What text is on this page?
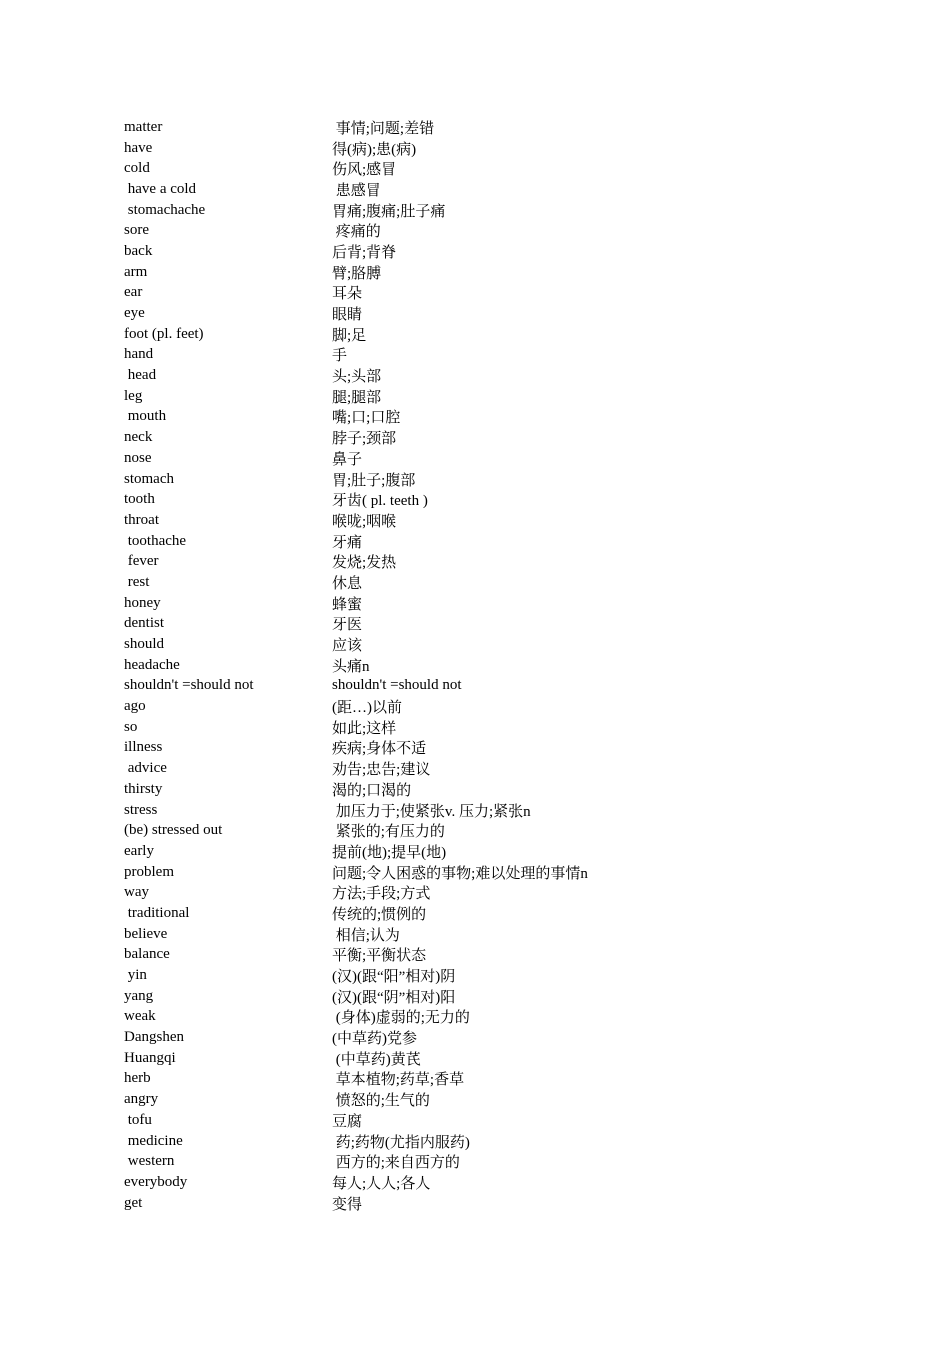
matter	事情;问题;差错
have	得(病);患(病)
cold	伤风;感冒
have a cold	患感冒
stomachache	胃痛;腹痛;肚子痛
sore	疼痛的
back	后背;背脊
arm	臂;胳膊
ear	耳朵
eye	眼睛
foot (pl. feet)	脚;足
hand	手
head	头;头部
leg	腿;腿部
mouth	嘴;口;口腔
neck	脖子;颈部
nose	鼻子
stomach	胃;肚子;腹部
tooth	牙齿( pl. teeth )
throat	喉咙;咽喉
toothache	牙痛
fever	发烧;发热
rest	休息
honey	蜂蜜
dentist	牙医
should	应该
headache	头痛n
shouldn't =should not	shouldn't =should not
ago	(距…)以前
so	如此;这样
illness	疾病;身体不适
advice	劝告;忠告;建议
thirsty	渴的;口渴的
stress	加压力于;使紧张v. 压力;紧张n
(be) stressed out	紧张的;有压力的
early	提前(地);提早(地)
problem	问题;令人困惑的事物;难以处理的事情n
way	方法;手段;方式
traditional	传统的;惯例的
believe	相信;认为
balance	平衡;平衡状态
yin	(汉)(跟“阳”相对)阴
yang	(汉)(跟“阴”相对)阳
weak	(身体)虚弱的;无力的
Dangshen	(中草药)党参
Huangqi	(中草药)黄芪
herb	草本植物;药草;香草
angry	愤怒的;生气的
tofu	豆腐
medicine	药;药物(尤指内服药)
western	西方的;来自西方的
everybody	每人;人人;各人
get	变得
